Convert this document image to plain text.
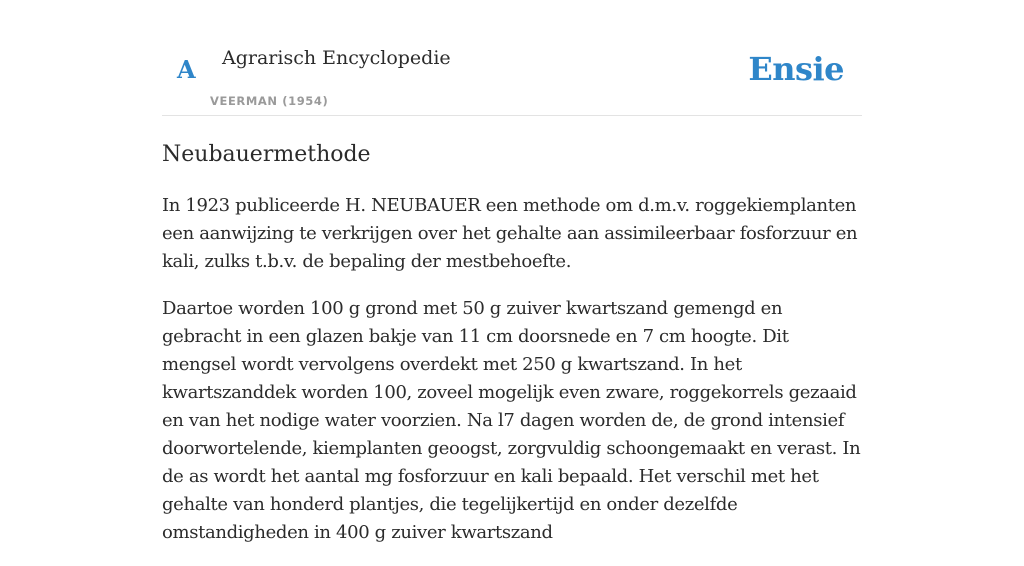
A Agrarisch Encyclopedie
VEERMAN (1954)
Ensie
Neubauermethode

In 1923 publiceerde H. NEUBAUER een methode om d.m.v. roggekiemplanten een aanwijzing te verkrijgen over het gehalte aan assimileerbaar fosforzuur en kali, zulks t.b.v. de bepaling der mestbehoefte.

Daartoe worden 100 g grond met 50 g zuiver kwartszand gemengd en gebracht in een glazen bakje van 11 cm doorsnede en 7 cm hoogte. Dit mengsel wordt vervolgens overdekt met 250 g kwartszand. In het kwartszanddek worden 100, zoveel mogelijk even zware, roggekorrels gezaaid en van het nodige water voorzien. Na l7 dagen worden de, de grond intensief doorwortelende, kiemplanten geoogst, zorgvuldig schoongemaakt en verast. In de as wordt het aantal mg fosforzuur en kali bepaald. Het verschil met het gehalte van honderd plantjes, die tegelijkertijd en onder dezelfde omstandigheden in 400 g zuiver kwartszand
